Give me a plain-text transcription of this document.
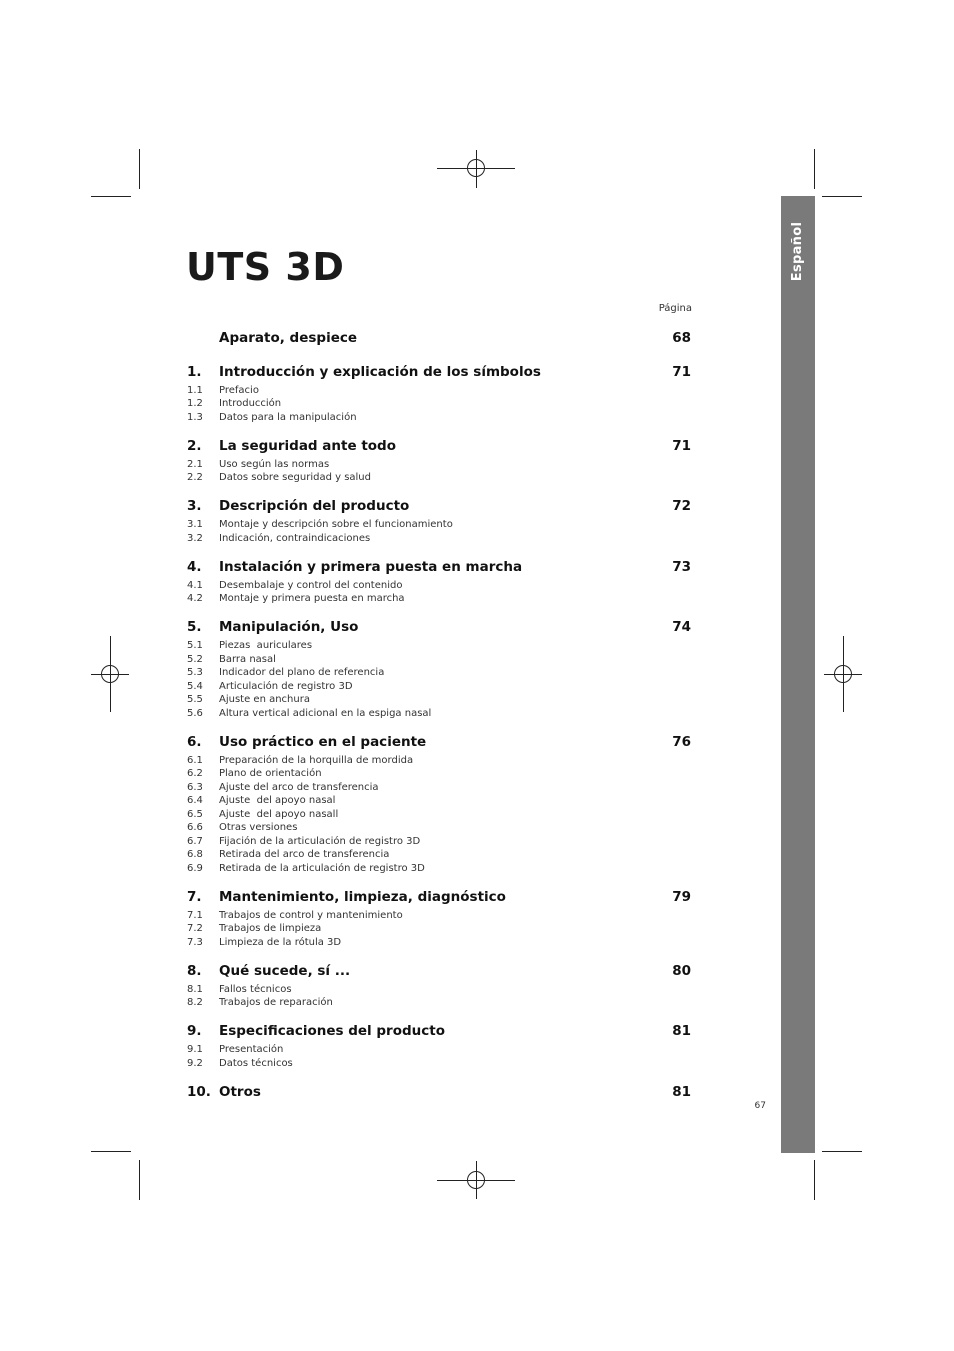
Español
UTS 3D
Página
Aparato, despiece	68
1.	Introducción y explicación de los símbolos	71
1.1	Prefacio
1.2	Introducción
1.3	Datos para la manipulación
2.	La seguridad ante todo	71
2.1	Uso según las normas
2.2	Datos sobre seguridad y salud
3.	Descripción del producto	72
3.1	Montaje y descripción sobre el funcionamiento
3.2	Indicación, contraindicaciones
4.	Instalación y primera puesta en marcha	73
4.1	Desembalaje y control del contenido
4.2	Montaje y primera puesta en marcha
5.	Manipulación, Uso	74
5.1	Piezas  auriculares
5.2	Barra nasal
5.3	Indicador del plano de referencia
5.4	Articulación de registro 3D
5.5	Ajuste en anchura
5.6	Altura vertical adicional en la espiga nasal
6.	Uso práctico en el paciente	76
6.1	Preparación de la horquilla de mordida
6.2	Plano de orientación
6.3	Ajuste del arco de transferencia
6.4	Ajuste  del apoyo nasal
6.5	Ajuste  del apoyo nasall
6.6	Otras versiones
6.7	Fijación de la articulación de registro 3D
6.8	Retirada del arco de transferencia
6.9	Retirada de la articulación de registro 3D
7.	Mantenimiento, limpieza, diagnóstico	79
7.1	Trabajos de control y mantenimiento
7.2	Trabajos de limpieza
7.3	Limpieza de la rótula 3D
8.	Qué sucede, sí ...	80
8.1	Fallos técnicos
8.2	Trabajos de reparación
9.	Especificaciones del producto	81
9.1	Presentación
9.2	Datos técnicos
10. Otros	81
67
